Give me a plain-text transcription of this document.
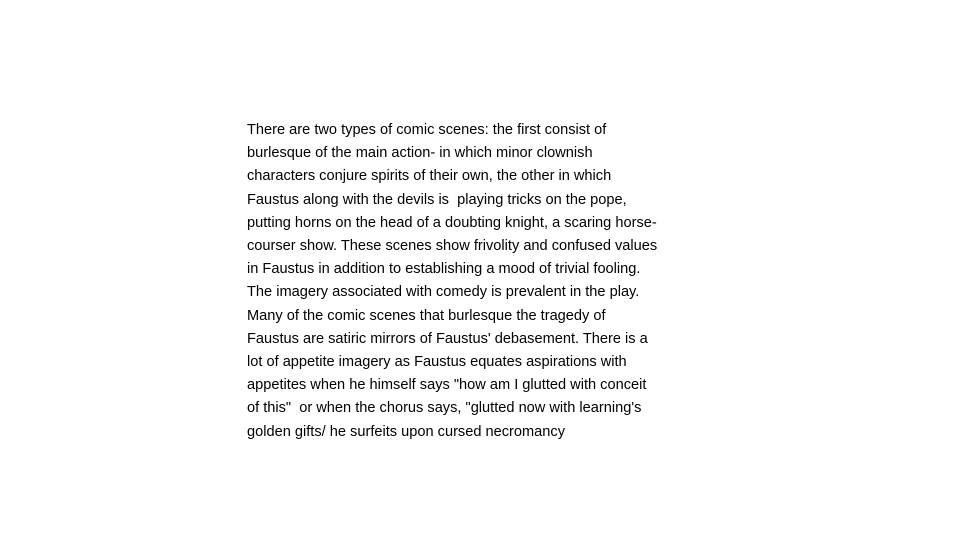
There are two types of comic scenes: the first consist of
burlesque of the main action- in which minor clownish
characters conjure spirits of their own, the other in which
Faustus along with the devils is  playing tricks on the pope,
putting horns on the head of a doubting knight, a scaring horse-
courser show. These scenes show frivolity and confused values
in Faustus in addition to establishing a mood of trivial fooling.
The imagery associated with comedy is prevalent in the play.
Many of the comic scenes that burlesque the tragedy of
Faustus are satiric mirrors of Faustus' debasement. There is a
lot of appetite imagery as Faustus equates aspirations with
appetites when he himself says "how am I glutted with conceit
of this"  or when the chorus says, "glutted now with learning's
golden gifts/ he surfeits upon cursed necromancy
